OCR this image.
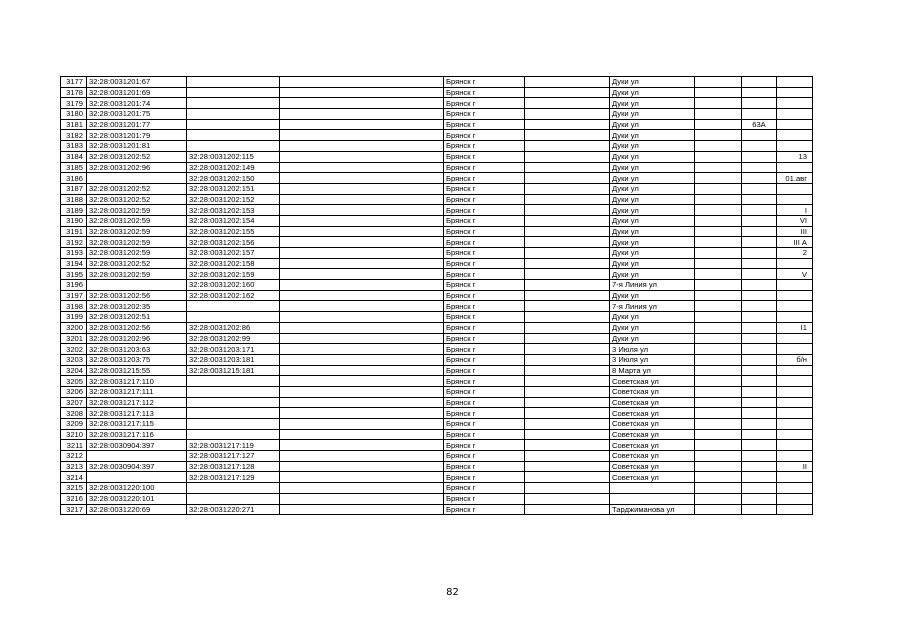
3177	32:28:0031201:67			Брянск г		Дуки ул				
3178	32:28:0031201:69			Брянск г		Дуки ул				
3179	32:28:0031201:74			Брянск г		Дуки ул				
3180	32:28:0031201:75			Брянск г		Дуки ул				
3181	32:28:0031201:77			Брянск г		Дуки ул			63А	
3182	32:28:0031201:79			Брянск г		Дуки ул				
3183	32:28:0031201:81			Брянск г		Дуки ул				
3184	32:28:0031202:52	32:28:0031202:115		Брянск г		Дуки ул				13
3185	32:28:0031202:96	32:28:0031202:149		Брянск г		Дуки ул				
3186		32:28:0031202:150		Брянск г		Дуки ул				01.авг
3187	32:28:0031202:52	32:28:0031202:151		Брянск г		Дуки ул				
3188	32:28:0031202:52	32:28:0031202:152		Брянск г		Дуки ул				
3189	32:28:0031202:59	32:28:0031202:153		Брянск г		Дуки ул				I
3190	32:28:0031202:59	32:28:0031202:154		Брянск г		Дуки ул				VI
3191	32:28:0031202:59	32:28:0031202:155		Брянск г		Дуки ул				III
3192	32:28:0031202:59	32:28:0031202:156		Брянск г		Дуки ул				III А
3193	32:28:0031202:59	32:28:0031202:157		Брянск г		Дуки ул				2
3194	32:28:0031202:52	32:28:0031202:158		Брянск г		Дуки ул				
3195	32:28:0031202:59	32:28:0031202:159		Брянск г		Дуки ул				V
3196		32:28:0031202:160		Брянск г		7-я Линия ул				
3197	32:28:0031202:56	32:28:0031202:162		Брянск г		Дуки ул				
3198	32:28:0031202:35			Брянск г		7-я Линия ул				
3199	32:28:0031202:51			Брянск г		Дуки ул				
3200	32:28:0031202:56	32:28:0031202:86		Брянск г		Дуки ул				I1
3201	32:28:0031202:96	32:28:0031202:99		Брянск г		Дуки ул				
3202	32:28:0031203:63	32:28:0031203:171		Брянск г		3 Июля ул				
3203	32:28:0031203:75	32:28:0031203:181		Брянск г		3 Июля ул				б/н
3204	32:28:0031215:55	32:28:0031215:181		Брянск г		8 Марта ул				
3205	32:28:0031217:110			Брянск г		Советская ул				
3206	32:28:0031217:111			Брянск г		Советская ул				
3207	32:28:0031217:112			Брянск г		Советская ул				
3208	32:28:0031217:113			Брянск г		Советская ул				
3209	32:28:0031217:115			Брянск г		Советская ул				
3210	32:28:0031217:116			Брянск г		Советская ул				
3211	32:28:0030904:397	32:28:0031217:119		Брянск г		Советская ул				
3212		32:28:0031217:127		Брянск г		Советская ул				
3213	32:28:0030904:397	32:28:0031217:128		Брянск г		Советская ул				II
3214		32:28:0031217:129		Брянск г		Советская ул				
3215	32:28:0031220:100			Брянск г						
3216	32:28:0031220:101			Брянск г						
3217	32:28:0031220:69	32:28:0031220:271		Брянск г		Тарджиманова ул				
82
